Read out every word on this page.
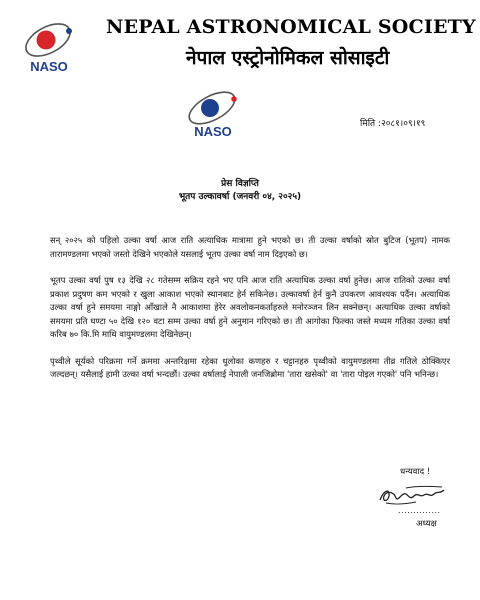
NASO
NEPAL ASTRONOMICAL SOCIETY
नेपाल एस्ट्रोनोमिकल सोसाइटी
NASO	मिति :२०८१।०९।१९
प्रेस विज्ञप्ति
भूतप उल्कावर्षा (जनवरी ०४, २०२५)

सन् २०२५ को पहिलो उल्का वर्षा आज राति अत्याधिक मात्रामा हुने भएको छ। ती उल्का वर्षाको स्रोत बुटिज (भूतप) नामक तारामण्डलमा भएको जस्तो देखिने भएकोले यसलाई भूतप उल्का वर्षा नाम दिइएको छ।

भूतप उल्का वर्षा पुष १३ देखि २८ गतेसम्म सक्रिय रहने भए पनि आज राति अत्याधिक उल्का वर्षा हुनेछ। आज रातिको उल्का वर्षा प्रकाश प्रदुषण कम भएको र खुला आकाश भएको स्थानबाट हेर्न सकिनेछ। उल्कावर्षा हेर्न कुनै उपकरण आवश्यक पर्दैन। अत्याधिक उल्का वर्षा हुने समयमा नाङ्गो आँखाले नै आकाशमा हेरेर अवलोकनकर्ताहरुले मनोरञ्जन लिन सक्नेछन्। अत्याधिक उल्का वर्षाको समयमा प्रति घण्टा ५० देखि १२० वटा सम्म उल्का वर्षा हुने अनुमान गरिएको छ। ती आगोका फिल्का जस्ते मध्यम गतिका उल्का वर्षा करिब ७० कि.मि माथि वायुमण्डलमा देखिनेछन्।

पृथ्वीले सूर्यको परिक्रमा गर्ने क्रममा अन्तरिक्षमा रहेका धुलोका कणहरु र चट्टानहरु पृथ्वीको वायुमण्डलमा तीव्र गतिले ठोक्किएर जल्दछन्। यसैलाई हामी उल्का वर्षा भन्दछौं। उल्का वर्षालाई नेपाली जनजिब्रोमा 'तारा खसेको' वा 'तारा पोइल गएको' पनि भनिन्छ।

धन्यवाद !
..............
अध्यक्ष
